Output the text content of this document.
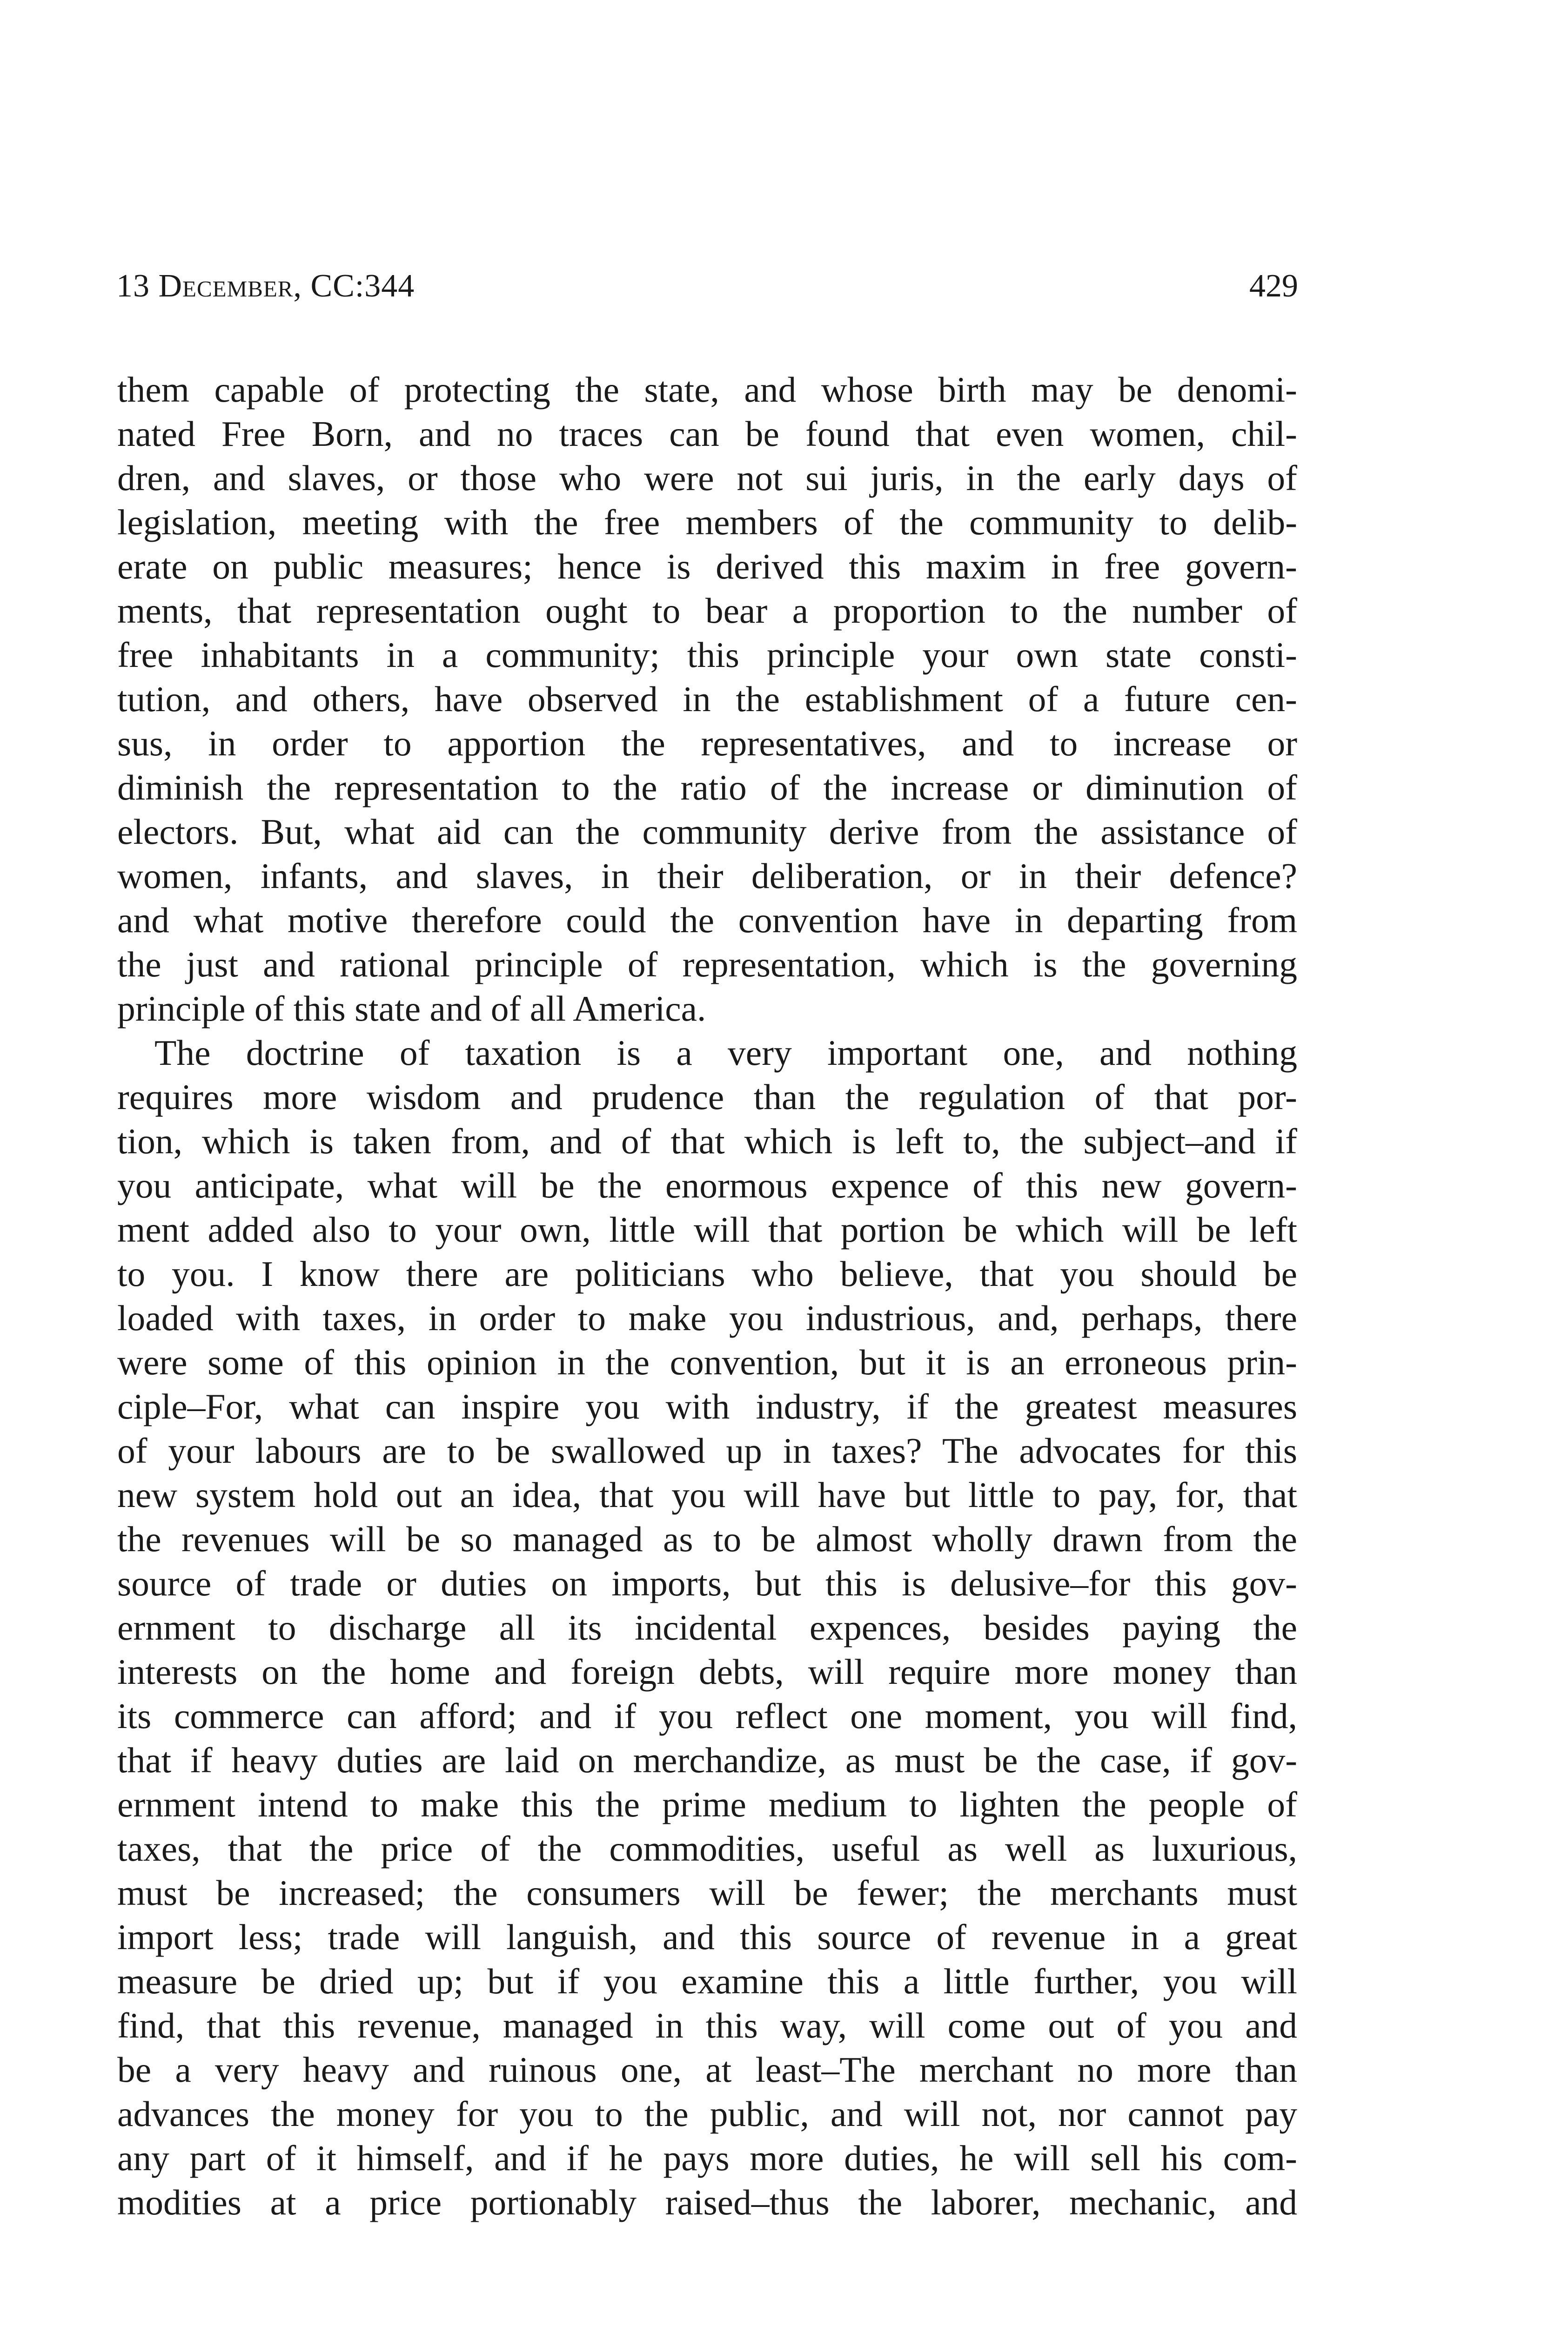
13 December, CC:344	429

them capable of protecting the state, and whose birth may be denomi-
nated Free Born, and no traces can be found that even women, chil-
dren, and slaves, or those who were not sui juris, in the early days of
legislation, meeting with the free members of the community to delib-
erate on public measures; hence is derived this maxim in free govern-
ments, that representation ought to bear a proportion to the number of
free inhabitants in a community; this principle your own state consti-
tution, and others, have observed in the establishment of a future cen-
sus, in order to apportion the representatives, and to increase or
diminish the representation to the ratio of the increase or diminution of
electors. But, what aid can the community derive from the assistance of
women, infants, and slaves, in their deliberation, or in their defence?
and what motive therefore could the convention have in departing from
the just and rational principle of representation, which is the governing
principle of this state and of all America.

The doctrine of taxation is a very important one, and nothing
requires more wisdom and prudence than the regulation of that por-
tion, which is taken from, and of that which is left to, the subject–and if
you anticipate, what will be the enormous expence of this new govern-
ment added also to your own, little will that portion be which will be left
to you. I know there are politicians who believe, that you should be
loaded with taxes, in order to make you industrious, and, perhaps, there
were some of this opinion in the convention, but it is an erroneous prin-
ciple–For, what can inspire you with industry, if the greatest measures
of your labours are to be swallowed up in taxes? The advocates for this
new system hold out an idea, that you will have but little to pay, for, that
the revenues will be so managed as to be almost wholly drawn from the
source of trade or duties on imports, but this is delusive–for this gov-
ernment to discharge all its incidental expences, besides paying the
interests on the home and foreign debts, will require more money than
its commerce can afford; and if you reflect one moment, you will find,
that if heavy duties are laid on merchandize, as must be the case, if gov-
ernment intend to make this the prime medium to lighten the people of
taxes, that the price of the commodities, useful as well as luxurious,
must be increased; the consumers will be fewer; the merchants must
import less; trade will languish, and this source of revenue in a great
measure be dried up; but if you examine this a little further, you will
find, that this revenue, managed in this way, will come out of you and
be a very heavy and ruinous one, at least–The merchant no more than
advances the money for you to the public, and will not, nor cannot pay
any part of it himself, and if he pays more duties, he will sell his com-
modities at a price portionably raised–thus the laborer, mechanic, and
